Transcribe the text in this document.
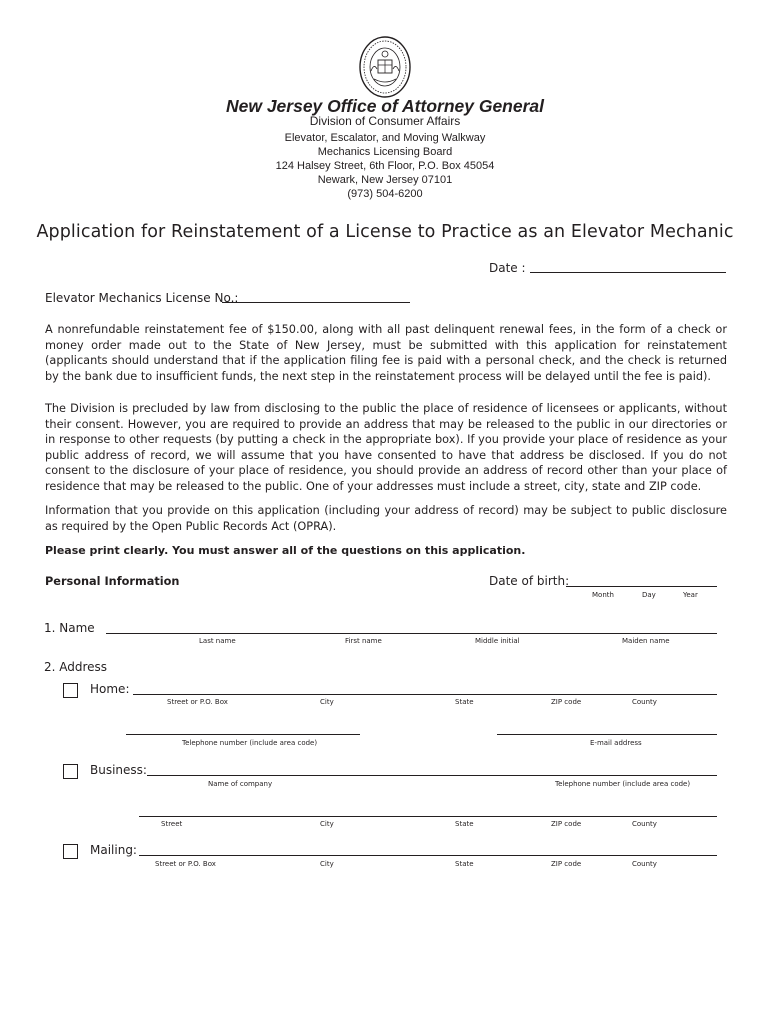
New Jersey Office of Attorney General
Division of Consumer Affairs
Elevator, Escalator, and Moving Walkway
Mechanics Licensing Board
124 Halsey Street, 6th Floor, P.O. Box 45054
Newark, New Jersey 07101
(973) 504-6200
Application for Reinstatement of a License to Practice as an Elevator Mechanic
Date :
Elevator Mechanics License No.:
A nonrefundable reinstatement fee of $150.00, along with all past delinquent renewal fees, in the form of a check or money order made out to the State of New Jersey, must be submitted with this application for reinstatement (applicants should understand that if the application filing fee is paid with a personal check, and the check is returned by the bank due to insufficient funds, the next step in the reinstatement process will be delayed until the fee is paid).
The Division is precluded by law from disclosing to the public the place of residence of licensees or applicants, without their consent. However, you are required to provide an address that may be released to the public in our directories or in response to other requests (by putting a check in the appropriate box). If you provide your place of residence as your public address of record, we will assume that you have consented to have that address be disclosed. If you do not consent to the disclosure of your place of residence, you should provide an address of record other than your place of residence that may be released to the public. One of your addresses must include a street, city, state and ZIP code.
Information that you provide on this application (including your address of record) may be subject to public disclosure as required by the Open Public Records Act (OPRA).
Please print clearly. You must answer all of the questions on this application.
Personal Information	Date of birth:
Month	Day	Year
1. Name
Last name	First name	Middle initial	Maiden name
2. Address
Home:
Street or P.O. Box	City	State	ZIP code	County
Telephone number (include area code)	E-mail address
Business:
Name of company	Telephone number (include area code)
Street	City	State	ZIP code	County
Mailing:
Street or P.O. Box	City	State	ZIP code	County
